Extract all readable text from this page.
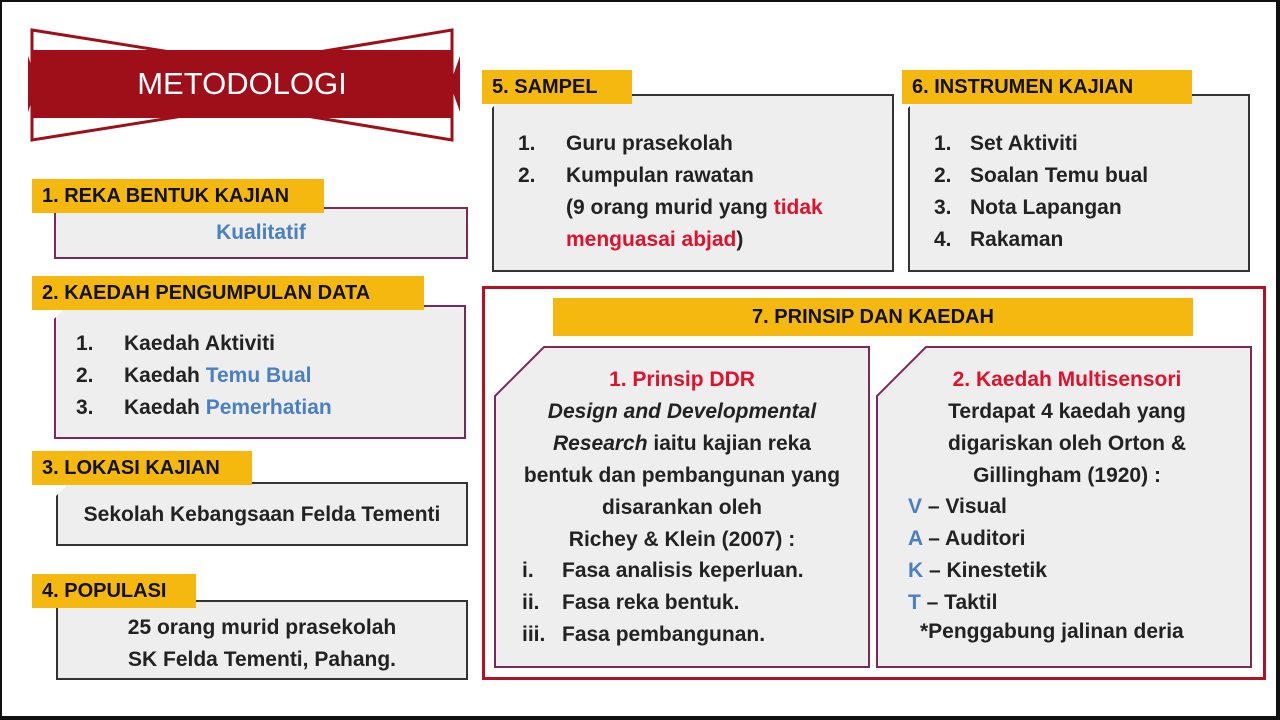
METODOLOGI
1. REKA BENTUK KAJIAN
Kualitatif
2. KAEDAH PENGUMPULAN DATA
1. Kaedah Aktiviti
2. Kaedah Temu Bual
3. Kaedah Pemerhatian
3. LOKASI KAJIAN
Sekolah Kebangsaan Felda Tementi
4. POPULASI
25 orang murid prasekolah
SK Felda Tementi, Pahang.
5. SAMPEL
1. Guru prasekolah
2. Kumpulan rawatan
(9 orang murid yang tidak
menguasai abjad)
6. INSTRUMEN KAJIAN
1. Set Aktiviti
2. Soalan Temu bual
3. Nota Lapangan
4. Rakaman
7. PRINSIP DAN KAEDAH
1. Prinsip DDR
Design and Developmental
Research iaitu kajian reka
bentuk dan pembangunan yang
disarankan oleh
Richey & Klein (2007) :
i. Fasa analisis keperluan.
ii. Fasa reka bentuk.
iii. Fasa pembangunan.
2. Kaedah Multisensori
Terdapat 4 kaedah yang
digariskan oleh Orton &
Gillingham (1920) :
V – Visual
A – Auditori
K – Kinestetik
T – Taktil
*Penggabung jalinan deria
